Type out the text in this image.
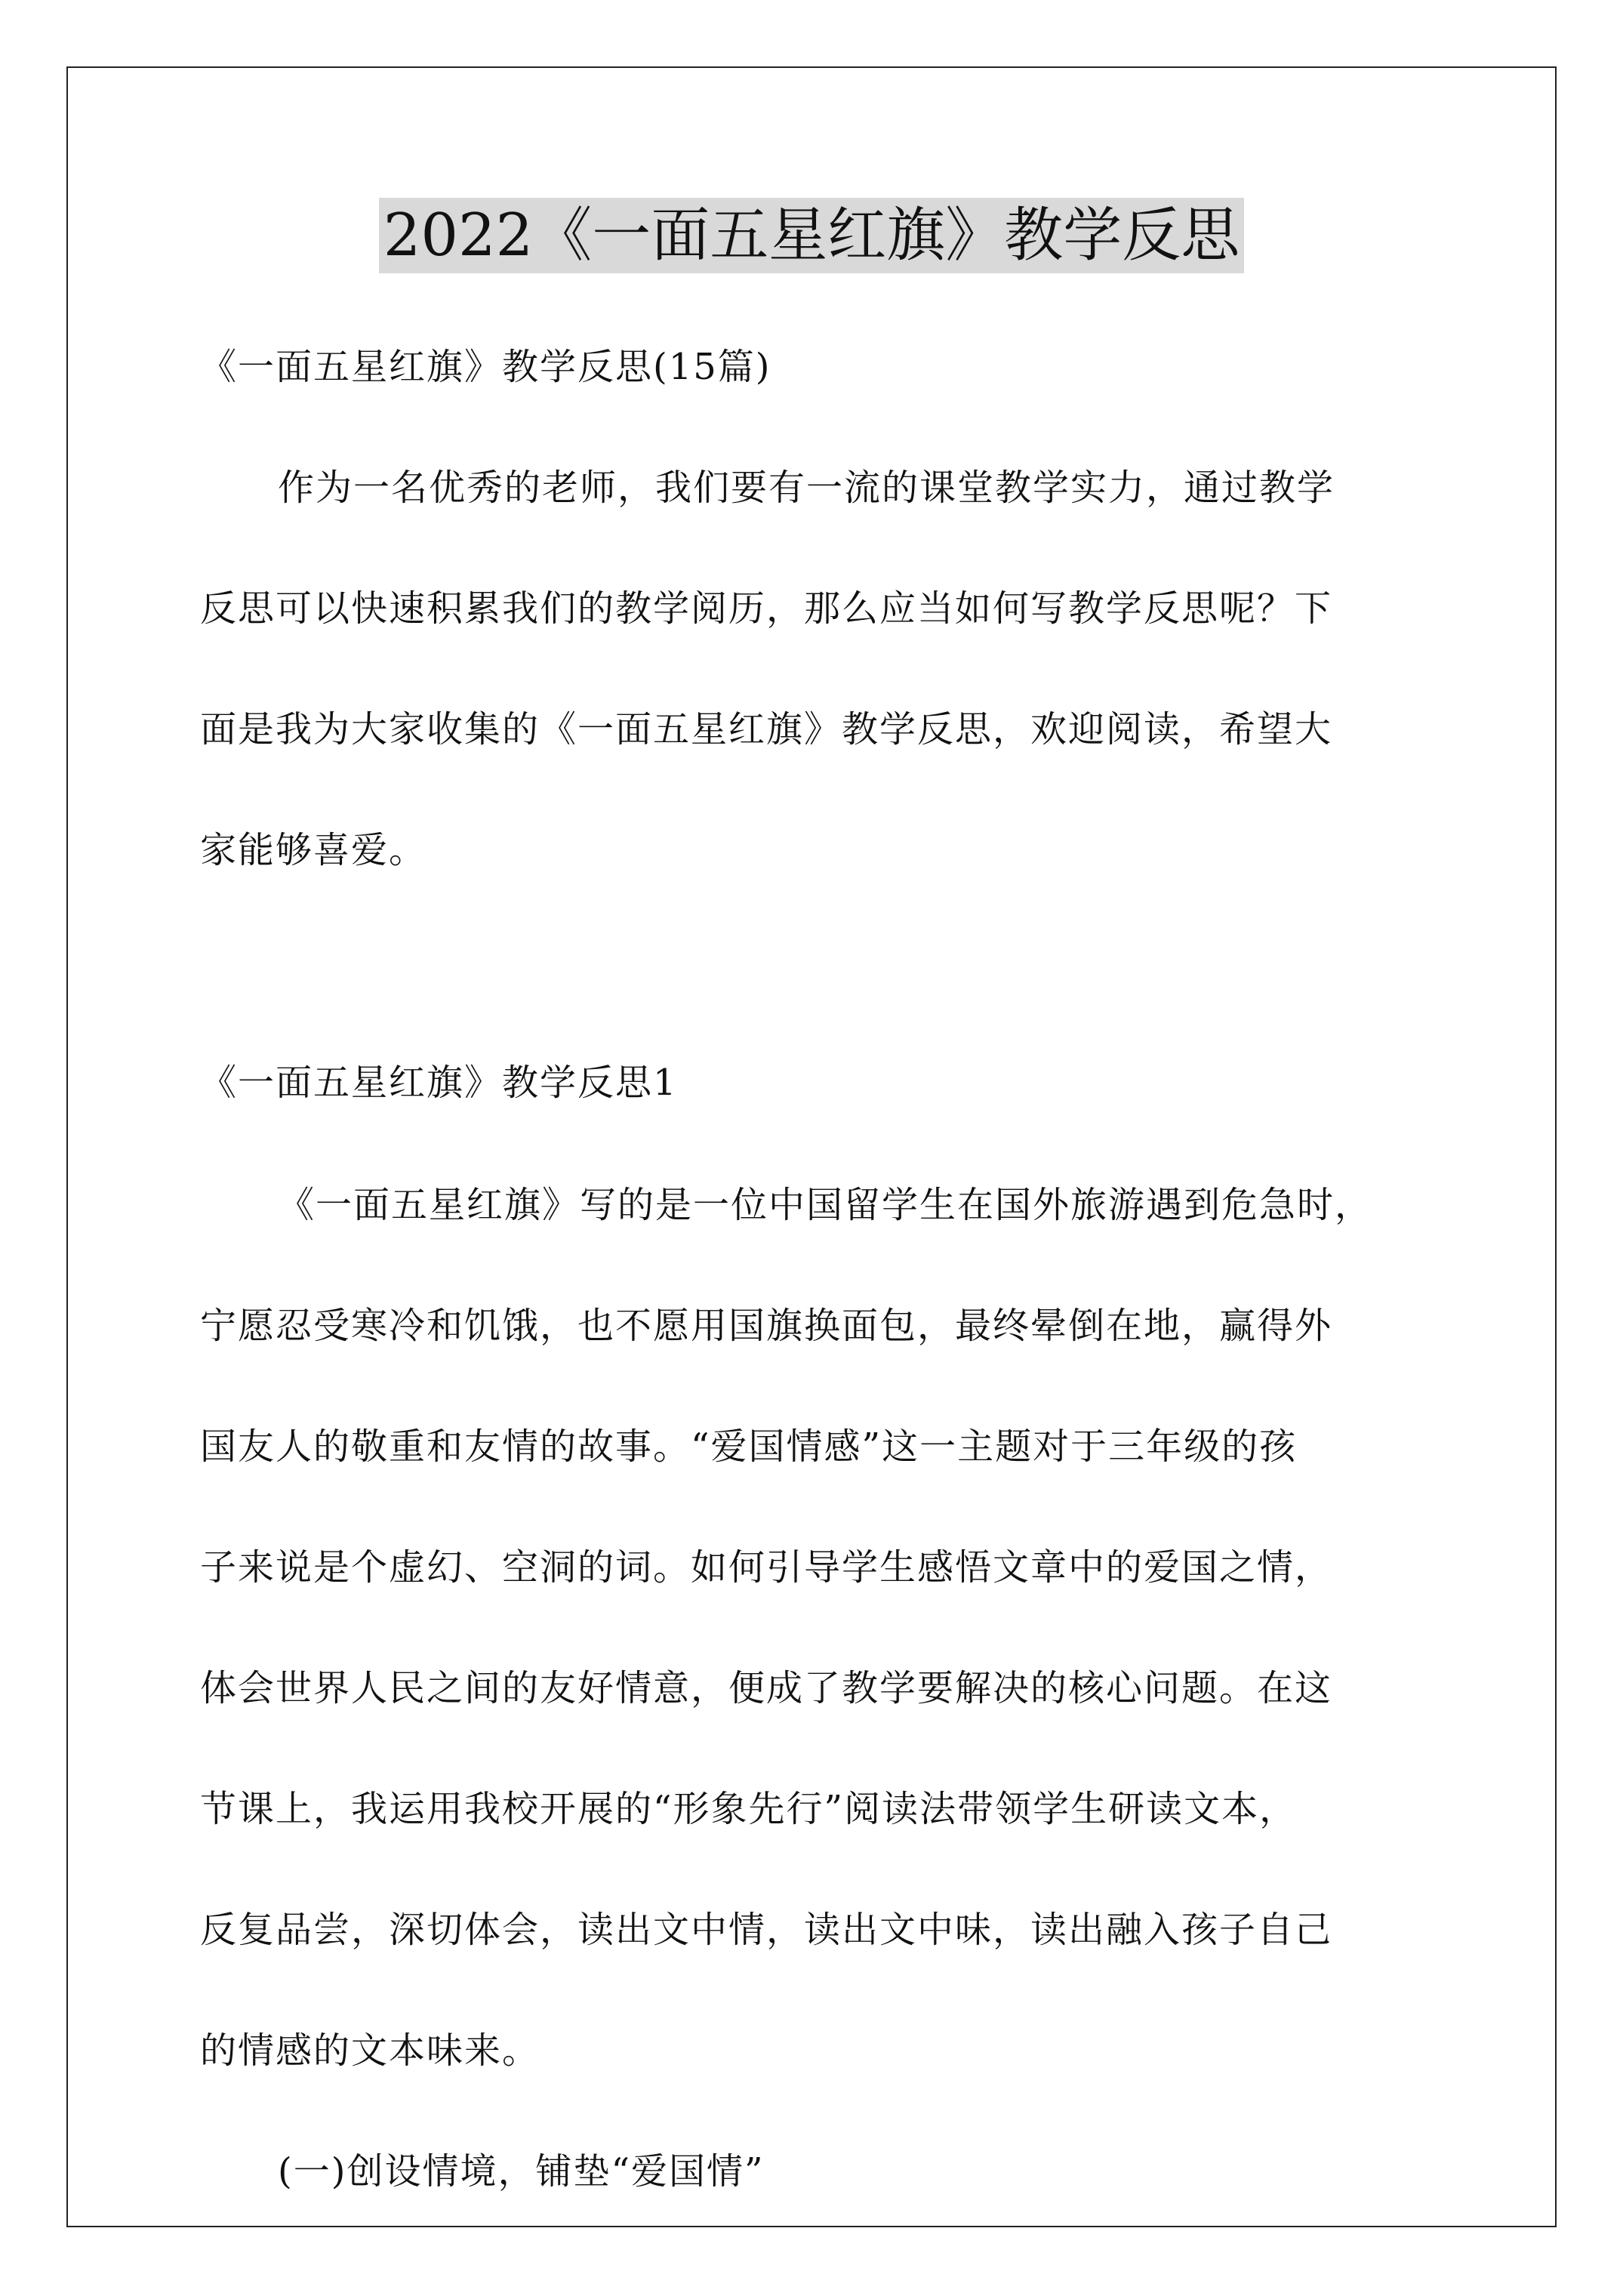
2022《一面五星红旗》教学反思
《一面五星红旗》教学反思(15篇)
作为一名优秀的老师，我们要有一流的课堂教学实力，通过教学
反思可以快速积累我们的教学阅历，那么应当如何写教学反思呢？下
面是我为大家收集的《一面五星红旗》教学反思，欢迎阅读，希望大
家能够喜爱。
《一面五星红旗》教学反思1
《一面五星红旗》写的是一位中国留学生在国外旅游遇到危急时，
宁愿忍受寒冷和饥饿，也不愿用国旗换面包，最终晕倒在地，赢得外
国友人的敬重和友情的故事。“爱国情感”这一主题对于三年级的孩
子来说是个虚幻、空洞的词。如何引导学生感悟文章中的爱国之情，
体会世界人民之间的友好情意，便成了教学要解决的核心问题。在这
节课上，我运用我校开展的“形象先行”阅读法带领学生研读文本，
反复品尝，深切体会，读出文中情，读出文中味，读出融入孩子自己
的情感的文本味来。
(一)创设情境，铺垫“爱国情”
